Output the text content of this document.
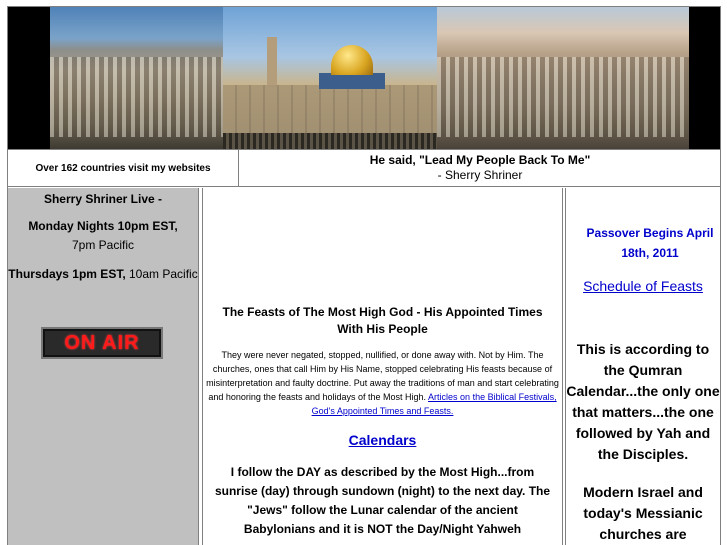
Over 162 countries visit my websites
He said, "Lead My People Back To Me"
- Sherry Shriner
Sherry Shriner Live -
Monday Nights 10pm EST,
7pm Pacific
Thursdays 1pm EST, 10am Pacific
ON AIR
The Feasts of The Most High God - His Appointed Times With His People
They were never negated, stopped, nullified, or done away with. Not by Him. The churches, ones that call Him by His Name, stopped celebrating His feasts because of misinterpretation and faulty doctrine. Put away the traditions of man and start celebrating and honoring the feasts and holidays of the Most High. Articles on the Biblical Festivals, God's Appointed Times and Feasts.
Calendars
I follow the DAY as described by the Most High...from sunrise (day) through sundown (night) to the next day. The "Jews" follow the Lunar calendar of the ancient Babylonians and it is NOT the Day/Night Yahweh
Passover Begins April 18th, 2011
Schedule of Feasts
This is according to the Qumran Calendar...the only one that matters...the one followed by Yah and the Disciples.
Modern Israel and today's Messianic churches are
